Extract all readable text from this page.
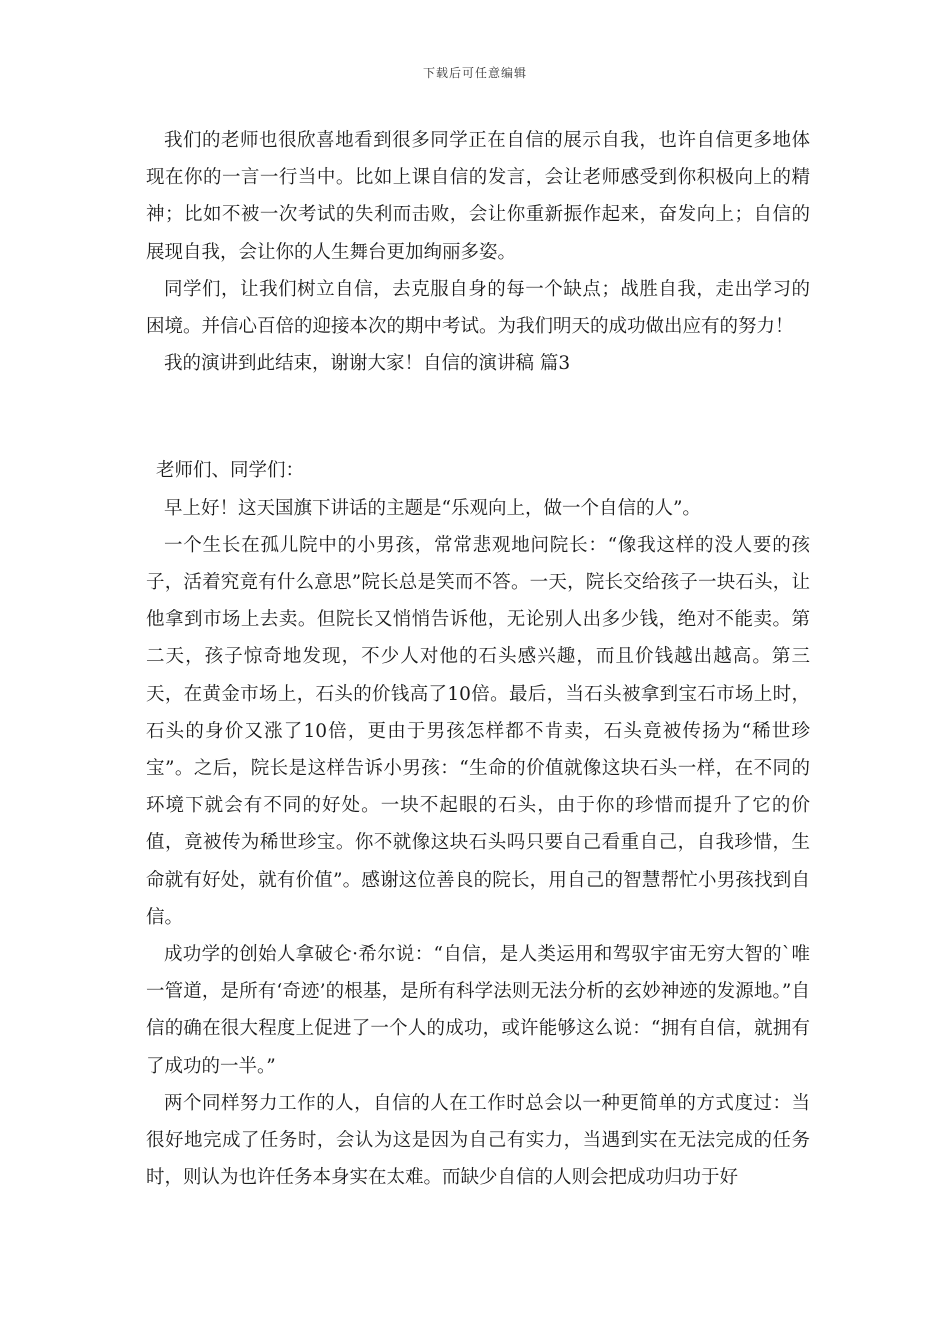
下载后可任意编辑

我们的老师也很欣喜地看到很多同学正在自信的展示自我，也许自信更多地体现在你的一言一行当中。比如上课自信的发言，会让老师感受到你积极向上的精神；比如不被一次考试的失利而击败，会让你重新振作起来，奋发向上；自信的展现自我，会让你的人生舞台更加绚丽多姿。

同学们，让我们树立自信，去克服自身的每一个缺点；战胜自我，走出学习的困境。并信心百倍的迎接本次的期中考试。为我们明天的成功做出应有的努力！

我的演讲到此结束，谢谢大家！自信的演讲稿 篇3

老师们、同学们：

早上好！这天国旗下讲话的主题是“乐观向上，做一个自信的人”。

一个生长在孤儿院中的小男孩，常常悲观地问院长：“像我这样的没人要的孩子，活着究竟有什么意思”院长总是笑而不答。一天，院长交给孩子一块石头，让他拿到市场上去卖。但院长又悄悄告诉他，无论别人出多少钱，绝对不能卖。第二天，孩子惊奇地发现，不少人对他的石头感兴趣，而且价钱越出越高。第三天，在黄金市场上，石头的价钱高了10倍。最后，当石头被拿到宝石市场上时，石头的身价又涨了10倍，更由于男孩怎样都不肯卖，石头竟被传扬为“稀世珍宝”。之后，院长是这样告诉小男孩：“生命的价值就像这块石头一样，在不同的环境下就会有不同的好处。一块不起眼的石头，由于你的珍惜而提升了它的价值，竟被传为稀世珍宝。你不就像这块石头吗只要自己看重自己，自我珍惜，生命就有好处，就有价值”。感谢这位善良的院长，用自己的智慧帮忙小男孩找到自信。

成功学的创始人拿破仑·希尔说：“自信，是人类运用和驾驭宇宙无穷大智的`唯一管道，是所有‘奇迹’的根基，是所有科学法则无法分析的玄妙神迹的发源地。”自信的确在很大程度上促进了一个人的成功，或许能够这么说：“拥有自信，就拥有了成功的一半。”

两个同样努力工作的人，自信的人在工作时总会以一种更简单的方式度过：当很好地完成了任务时，会认为这是因为自己有实力，当遇到实在无法完成的任务时，则认为也许任务本身实在太难。而缺少自信的人则会把成功归功于好
